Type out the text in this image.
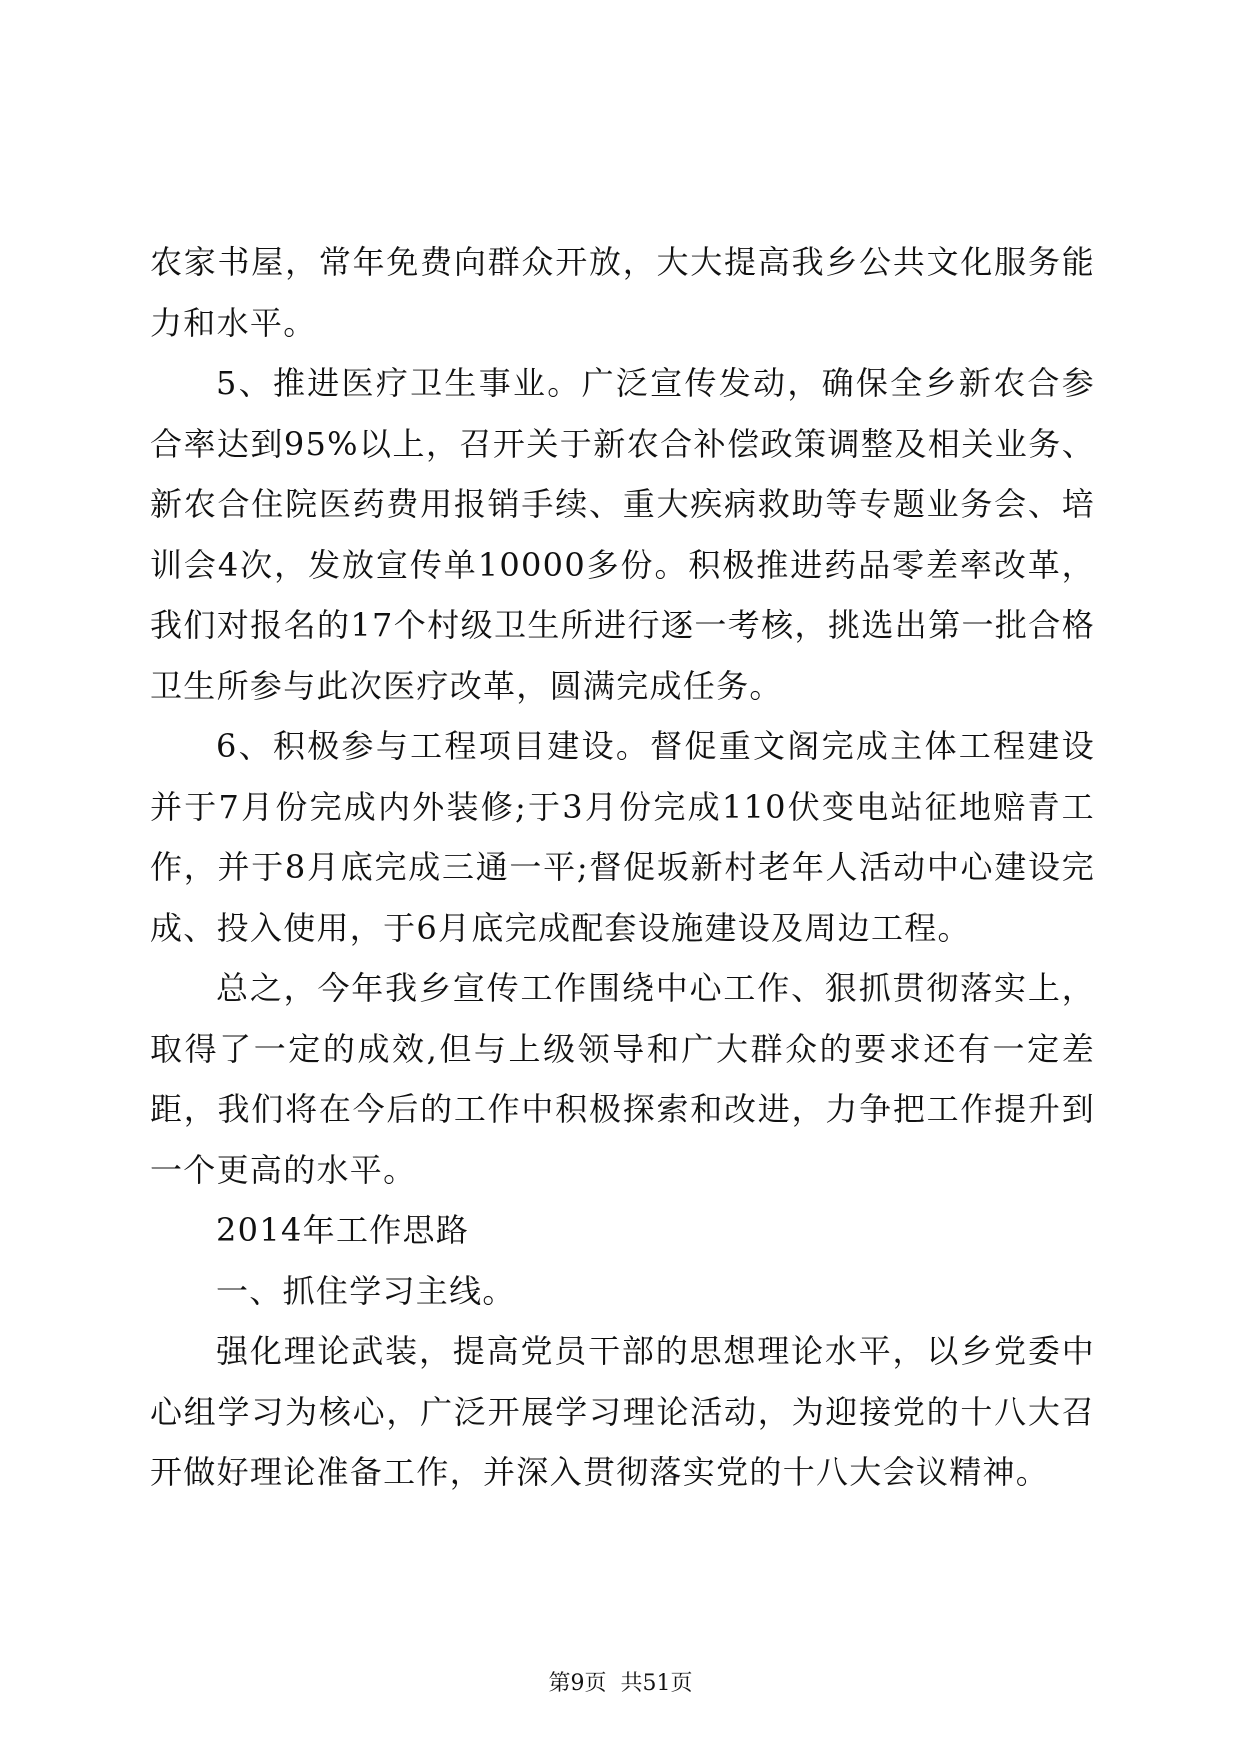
农家书屋，常年免费向群众开放，大大提高我乡公共文化服务能力和水平。

5、推进医疗卫生事业。广泛宣传发动，确保全乡新农合参合率达到95%以上，召开关于新农合补偿政策调整及相关业务、新农合住院医药费用报销手续、重大疾病救助等专题业务会、培训会4次，发放宣传单10000多份。积极推进药品零差率改革，我们对报名的17个村级卫生所进行逐一考核，挑选出第一批合格卫生所参与此次医疗改革，圆满完成任务。

6、积极参与工程项目建设。督促重文阁完成主体工程建设并于7月份完成内外装修;于3月份完成110伏变电站征地赔青工作，并于8月底完成三通一平;督促坂新村老年人活动中心建设完成、投入使用，于6月底完成配套设施建设及周边工程。

总之，今年我乡宣传工作围绕中心工作、狠抓贯彻落实上，取得了一定的成效,但与上级领导和广大群众的要求还有一定差距，我们将在今后的工作中积极探索和改进，力争把工作提升到一个更高的水平。

2014年工作思路

一、抓住学习主线。

强化理论武装，提高党员干部的思想理论水平，以乡党委中心组学习为核心，广泛开展学习理论活动，为迎接党的十八大召开做好理论准备工作，并深入贯彻落实党的十八大会议精神。

第9页 共51页
